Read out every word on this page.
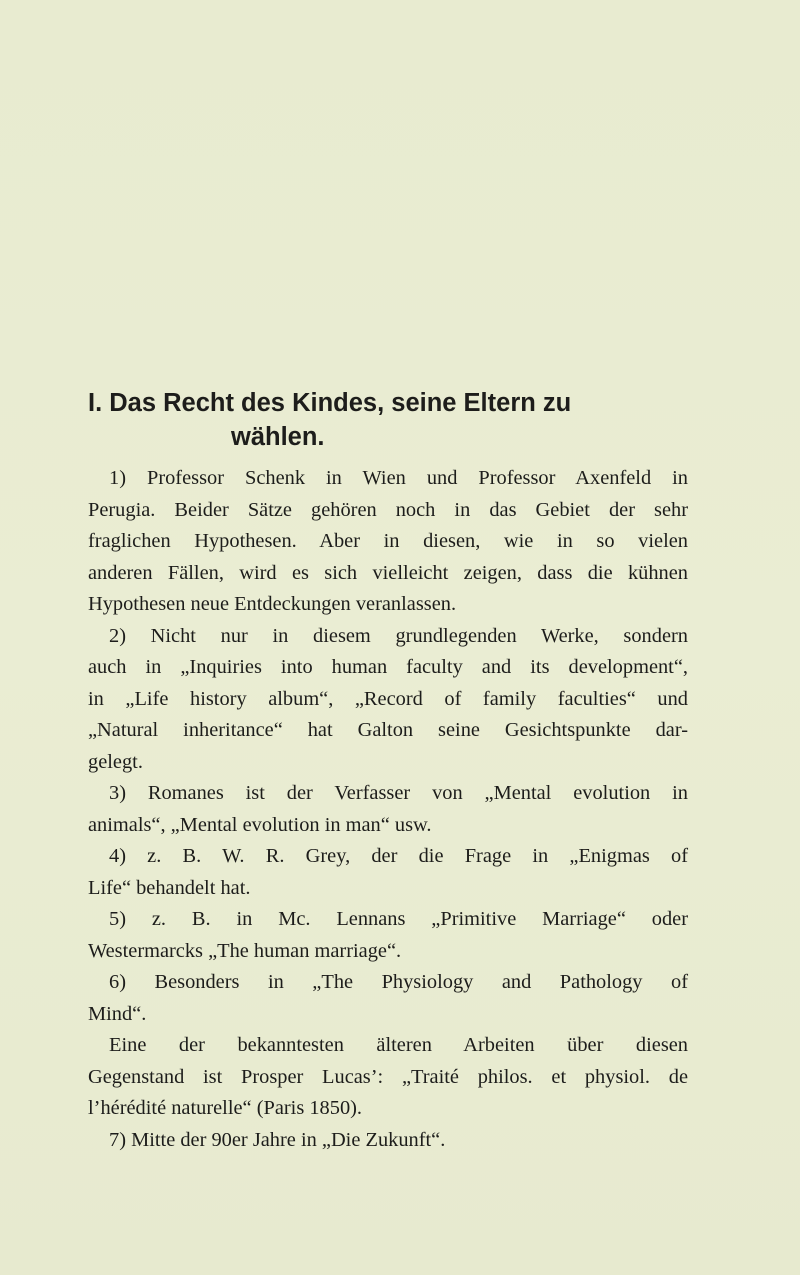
I. Das Recht des Kindes, seine Eltern zu
wählen.

1) Professor Schenk in Wien und Professor Axenfeld in
Perugia. Beider Sätze gehören noch in das Gebiet der sehr
fraglichen Hypothesen. Aber in diesen, wie in so vielen
anderen Fällen, wird es sich vielleicht zeigen, dass die kühnen
Hypothesen neue Entdeckungen veranlassen.

2) Nicht nur in diesem grundlegenden Werke, sondern
auch in „Inquiries into human faculty and its development“,
in „Life history album“, „Record of family faculties“ und
„Natural inheritance“ hat Galton seine Gesichtspunkte dar-
gelegt.

3) Romanes ist der Verfasser von „Mental evolution in
animals“, „Mental evolution in man“ usw.

4) z. B. W. R. Grey, der die Frage in „Enigmas of
Life“ behandelt hat.

5) z. B. in Mc. Lennans „Primitive Marriage“ oder
Westermarcks „The human marriage“.

6) Besonders in „The Physiology and Pathology of
Mind“.

Eine der bekanntesten älteren Arbeiten über diesen
Gegenstand ist Prosper Lucas’: „Traité philos. et physiol. de
l’hérédité naturelle“ (Paris 1850).

7) Mitte der 90er Jahre in „Die Zukunft“.
